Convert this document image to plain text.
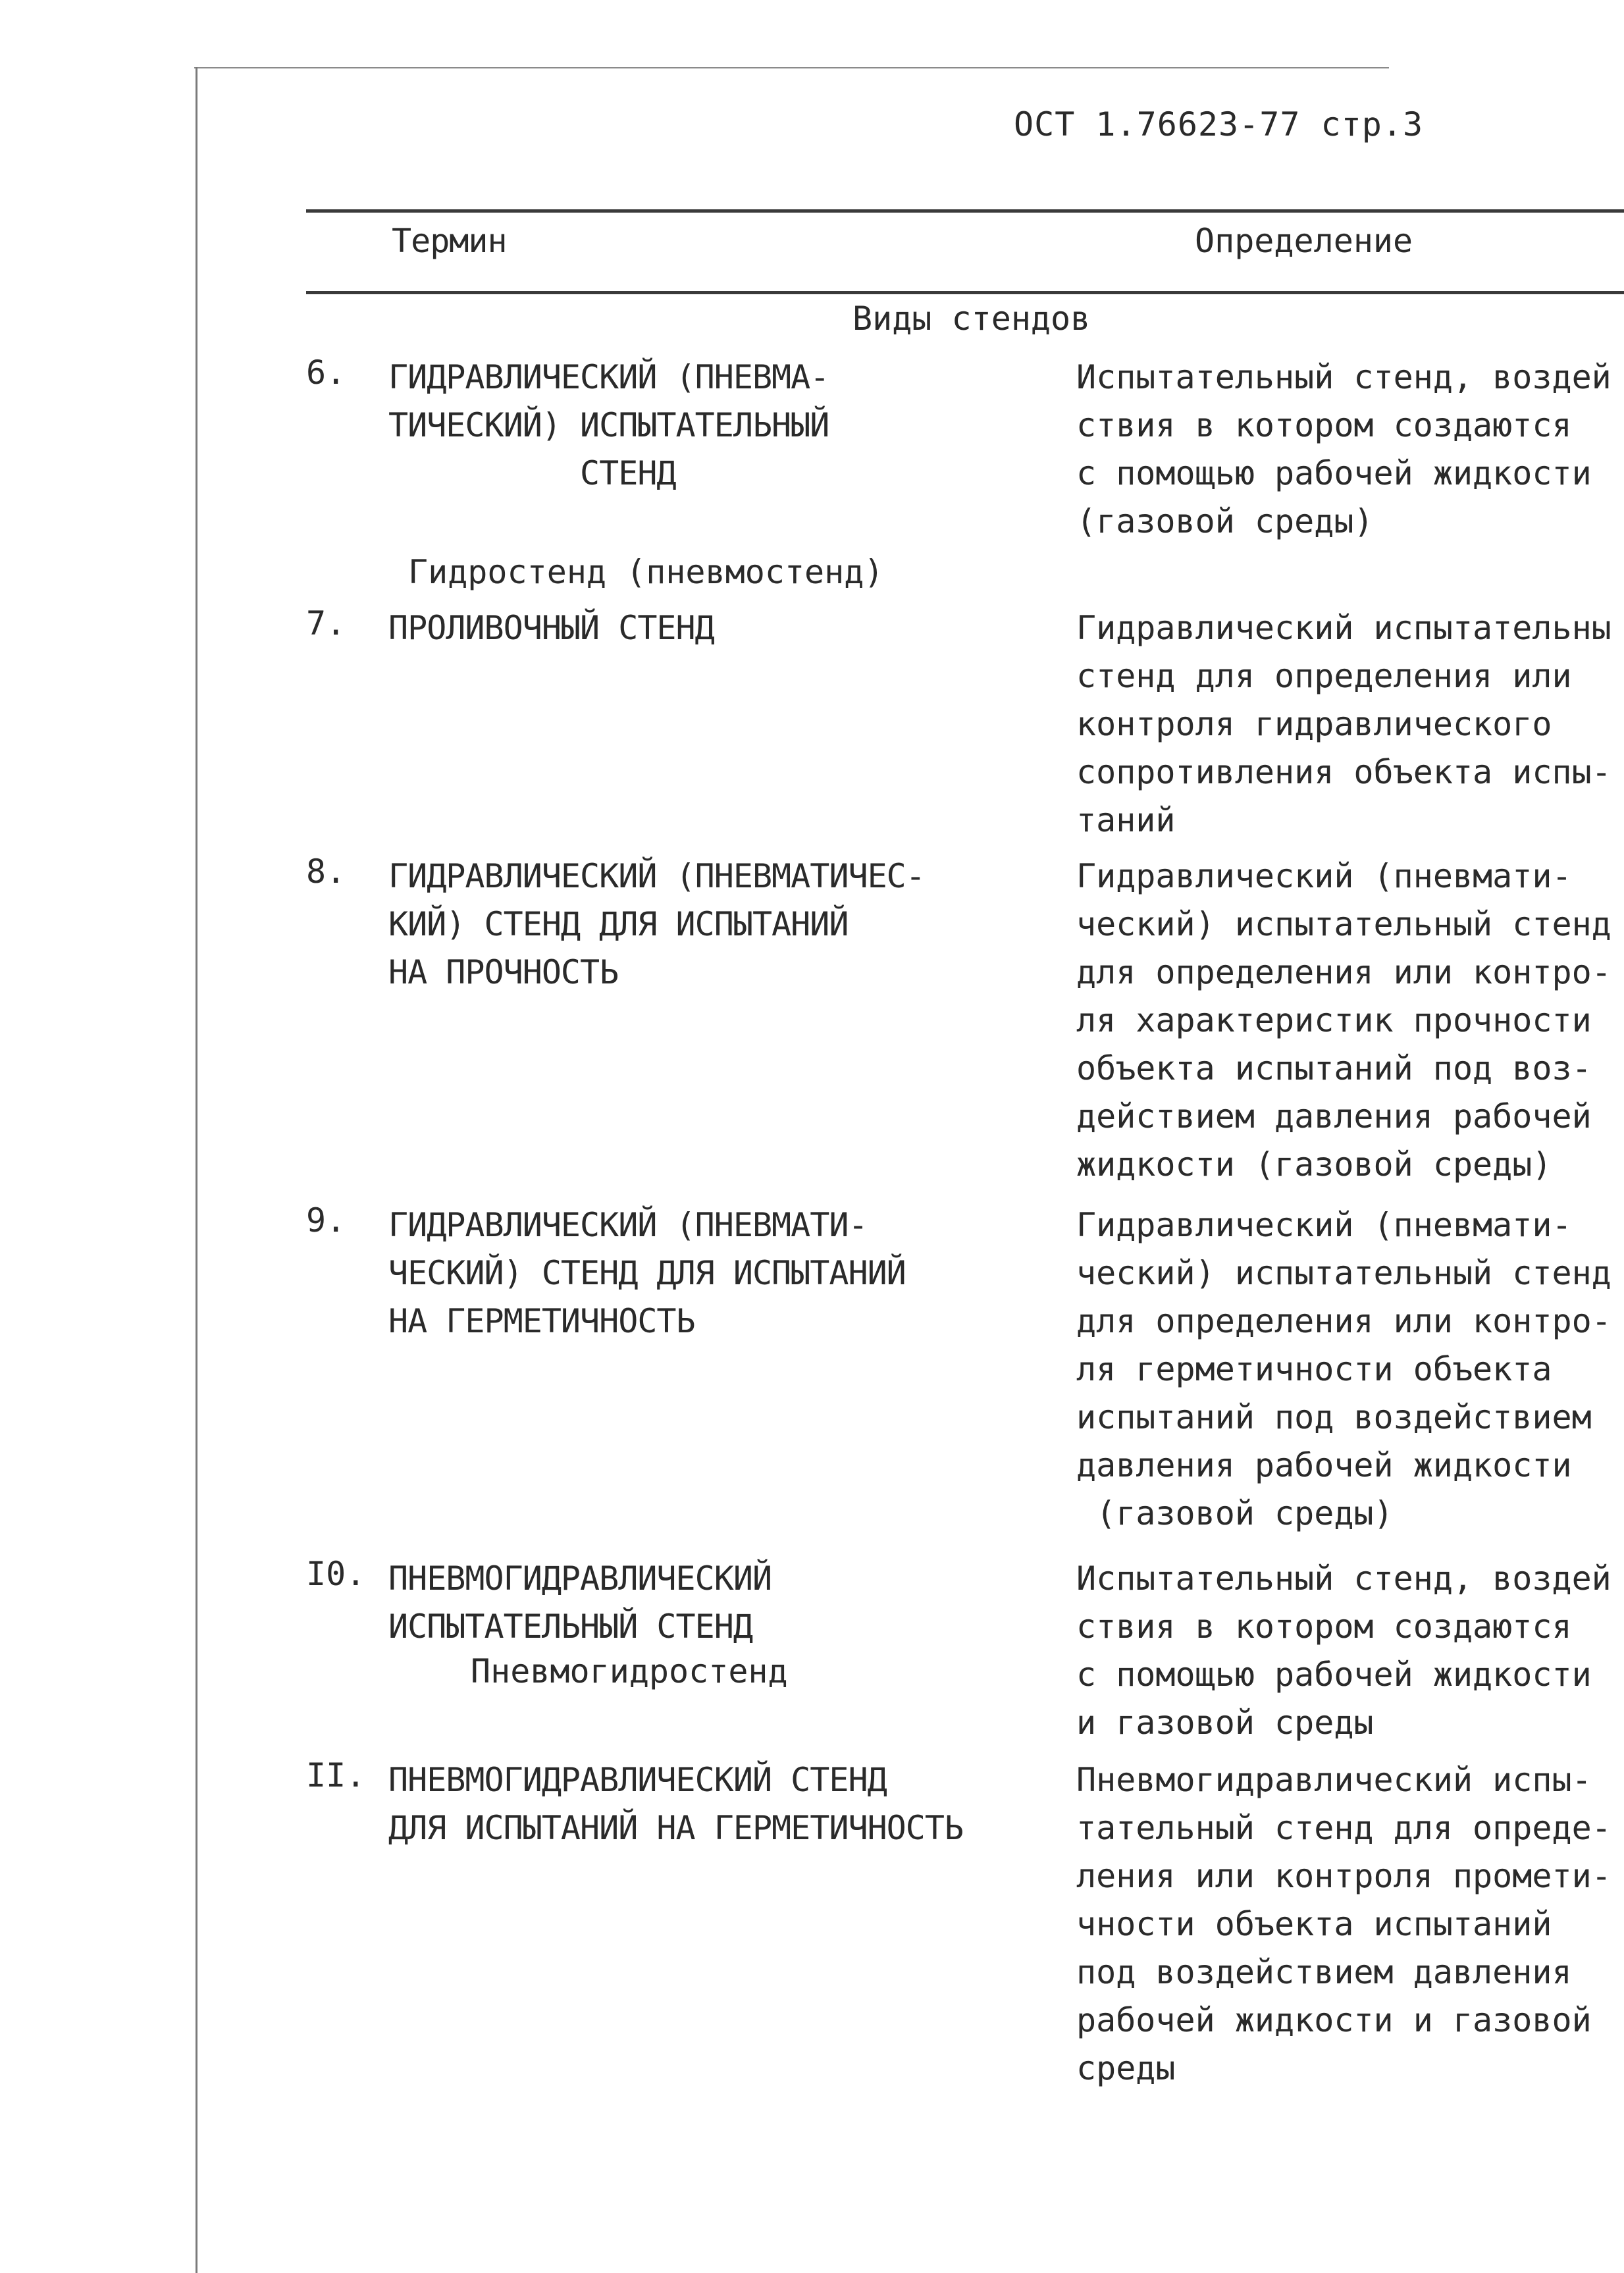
ОСТ 1.76623-77 стр.3
Термин	Определение
Виды стендов
6. ГИДРАВЛИЧЕСКИЙ (ПНЕВМА-
ТИЧЕСКИЙ) ИСПЫТАТЕЛЬНЫЙ
СТЕНД
Гидростенд (пневмостенд)
Испытательный стенд, воздей
ствия в котором создаются
с помощью рабочей жидкости
(газовой среды)
7. ПРОЛИВОЧНЫЙ СТЕНД	Гидравлический испытательны
стенд для определения или
контроля гидравлического
сопротивления объекта испы-
таний
8. ГИДРАВЛИЧЕСКИЙ (ПНЕВМАТИЧЕС-
КИЙ) СТЕНД ДЛЯ ИСПЫТАНИЙ
НА ПРОЧНОСТЬ
Гидравлический (пневмати-
ческий) испытательный стенд
для определения или контро-
ля характеристик прочности
объекта испытаний под воз-
действием давления рабочей
жидкости (газовой среды)
9. ГИДРАВЛИЧЕСКИЙ (ПНЕВМАТИ-
ЧЕСКИЙ) СТЕНД ДЛЯ ИСПЫТАНИЙ
НА ГЕРМЕТИЧНОСТЬ
Гидравлический (пневмати-
ческий) испытательный стенд
для определения или контро-
ля герметичности объекта
испытаний под воздействием
давления рабочей жидкости
(газовой среды)
I0. ПНЕВМОГИДРАВЛИЧЕСКИЙ
ИСПЫТАТЕЛЬНЫЙ СТЕНД
Пневмогидростенд
Испытательный стенд, воздей
ствия в котором создаются
с помощью рабочей жидкости
и газовой среды
II. ПНЕВМОГИДРАВЛИЧЕСКИЙ СТЕНД
ДЛЯ ИСПЫТАНИЙ НА ГЕРМЕТИЧНОСТЬ
Пневмогидравлический испы-
тательный стенд для опреде-
ления или контроля промети-
чности объекта испытаний
под воздействием давления
рабочей жидкости и газовой
среды
